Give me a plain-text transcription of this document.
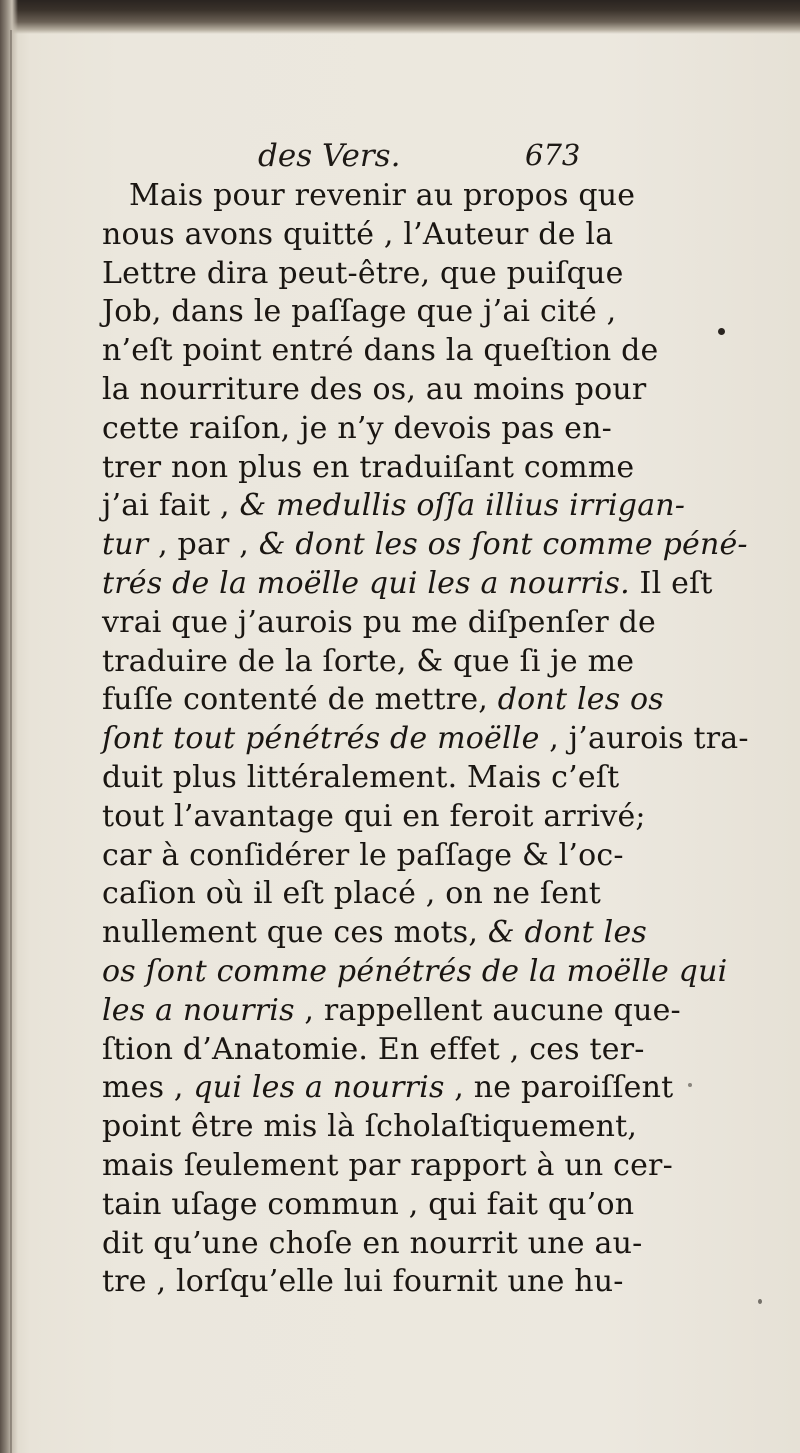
des Vers.	673
Mais pour revenir au propos que
nous avons quitté , l’Auteur de la
Lettre dira peut-être, que puiſque
Job, dans le paſſage que j’ai cité ,
n’eſt point entré dans la queſtion de
la nourriture des os, au moins pour
cette raiſon, je n’y devois pas en-
trer non plus en traduiſant comme
j’ai fait , & medullis oſſa illius irrigan-
tur , par , & dont les os ſont comme péné-
trés de la moëlle qui les a nourris. Il eſt
vrai que j’aurois pu me diſpenſer de
traduire de la ſorte, & que ſi je me
fuſſe contenté de mettre, dont les os
ſont tout pénétrés de moëlle , j’aurois tra-
duit plus littéralement. Mais c’eſt
tout l’avantage qui en feroit arrivé;
car à conſidérer le paſſage & l’oc-
caſion où il eſt placé , on ne ſent
nullement que ces mots, & dont les
os ſont comme pénétrés de la moëlle qui
les a nourris , rappellent aucune que-
ſtion d’Anatomie. En effet , ces ter-
mes , qui les a nourris , ne paroiſſent
point être mis là ſcholaſtiquement,
mais ſeulement par rapport à un cer-
tain uſage commun , qui fait qu’on
dit qu’une choſe en nourrit une au-
tre , lorſqu’elle lui fournit une hu-
